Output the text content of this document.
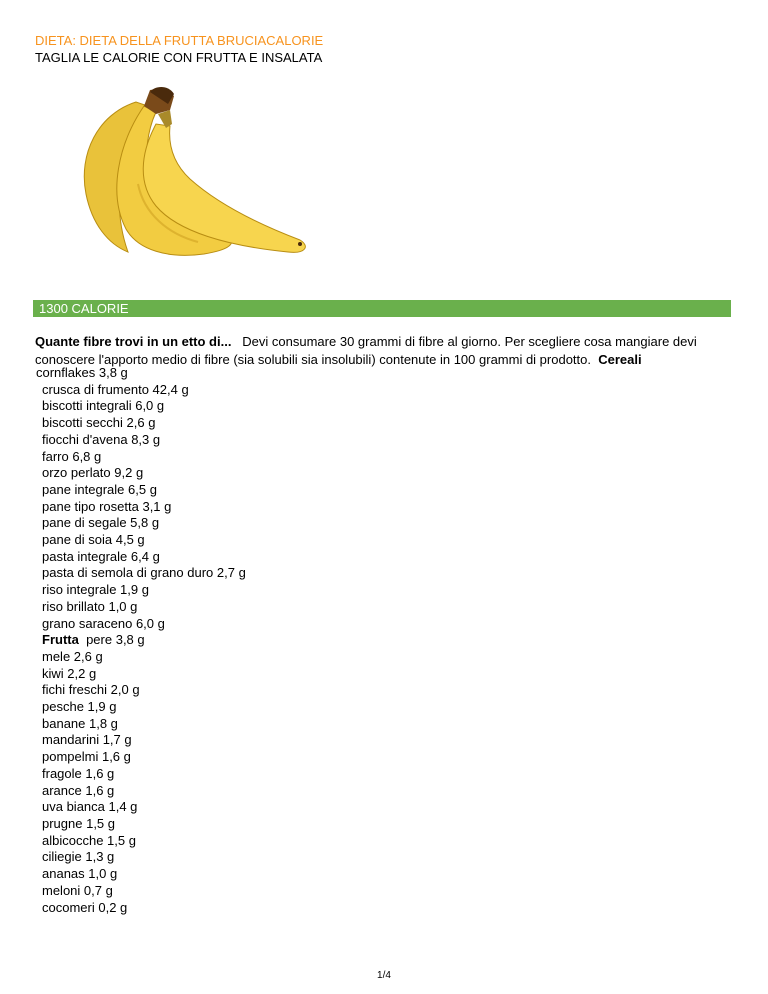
DIETA: DIETA DELLA FRUTTA BRUCIACALORIE
TAGLIA LE CALORIE CON FRUTTA E INSALATA
1300 CALORIE
Quante fibre trovi in un etto di... Devi consumare 30 grammi di fibre al giorno. Per scegliere cosa mangiare devi conoscere l'apporto medio di fibre (sia solubili sia insolubili) contenute in 100 grammi di prodotto. Cereali
cornflakes 3,8 g
crusca di frumento 42,4 g
biscotti integrali 6,0 g
biscotti secchi 2,6 g
fiocchi d'avena 8,3 g
farro 6,8 g
orzo perlato 9,2 g
pane integrale 6,5 g
pane tipo rosetta 3,1 g
pane di segale 5,8 g
pane di soia 4,5 g
pasta integrale 6,4 g
pasta di semola di grano duro 2,7 g
riso integrale 1,9 g
riso brillato 1,0 g
grano saraceno 6,0 g
Frutta pere 3,8 g
mele 2,6 g
kiwi 2,2 g
fichi freschi 2,0 g
pesche 1,9 g
banane 1,8 g
mandarini 1,7 g
pompelmi 1,6 g
fragole 1,6 g
arance 1,6 g
uva bianca 1,4 g
prugne 1,5 g
albicocche 1,5 g
ciliegie 1,3 g
ananas 1,0 g
meloni 0,7 g
cocomeri 0,2 g
1/4
